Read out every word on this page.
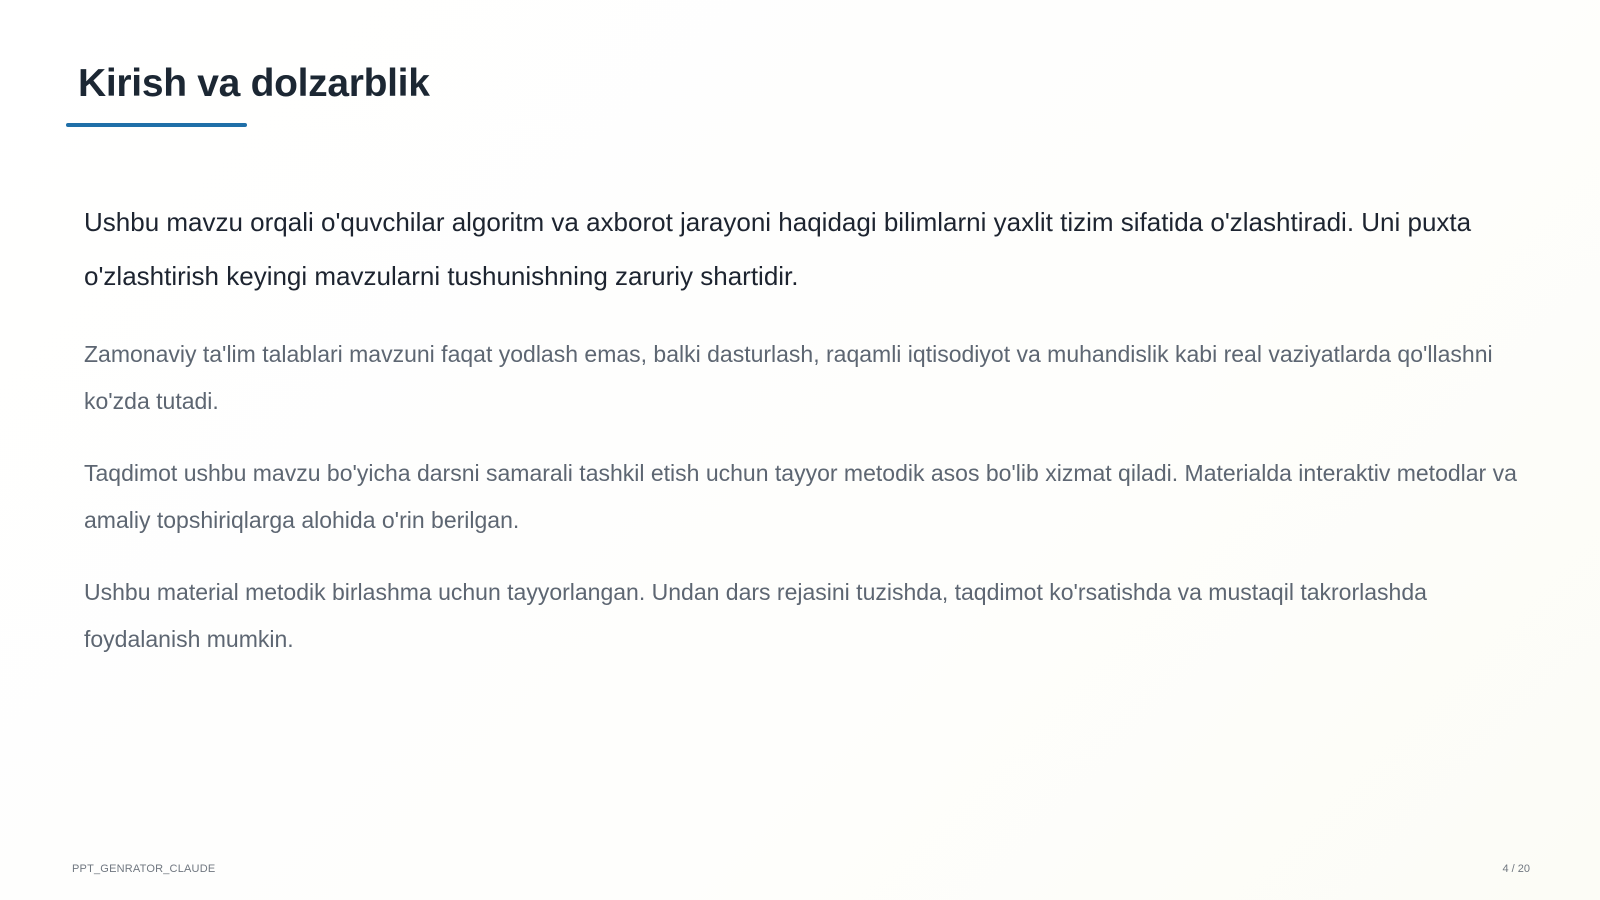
Kirish va dolzarblik

Ushbu mavzu orqali o'quvchilar algoritm va axborot jarayoni haqidagi bilimlarni yaxlit tizim sifatida o'zlashtiradi. Uni puxta o'zlashtirish keyingi mavzularni tushunishning zaruriy shartidir.

Zamonaviy ta'lim talablari mavzuni faqat yodlash emas, balki dasturlash, raqamli iqtisodiyot va muhandislik kabi real vaziyatlarda qo'llashni ko'zda tutadi.

Taqdimot ushbu mavzu bo'yicha darsni samarali tashkil etish uchun tayyor metodik asos bo'lib xizmat qiladi. Materialda interaktiv metodlar va amaliy topshiriqlarga alohida o'rin berilgan.

Ushbu material metodik birlashma uchun tayyorlangan. Undan dars rejasini tuzishda, taqdimot ko'rsatishda va mustaqil takrorlashda foydalanish mumkin.

PPT_GENRATOR_CLAUDE	4 / 20
